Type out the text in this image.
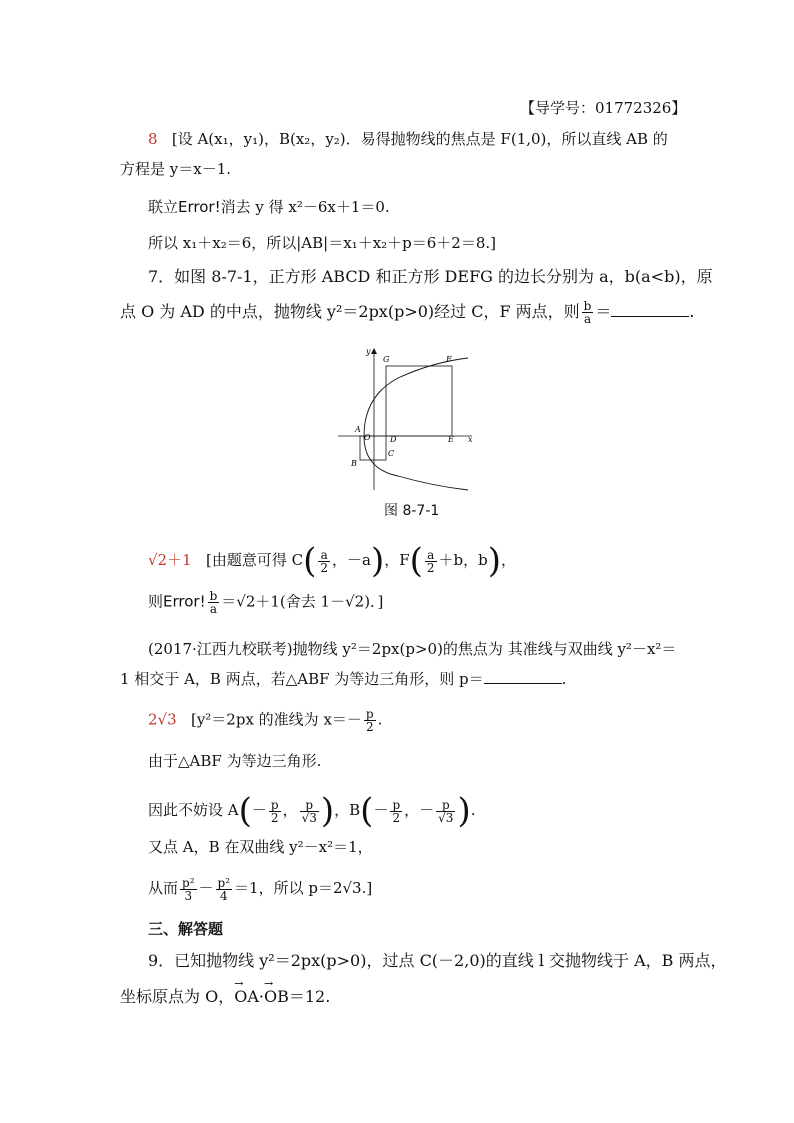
【导学号：01772326】
8 [设 A(x₁，y₁)，B(x₂，y₂)．易得抛物线的焦点是 F(1,0)，所以直线 AB 的
方程是 y＝x－1.
联立Error!消去 y 得 x²－6x＋1＝0.
所以 x₁＋x₂＝6，所以|AB|＝x₁＋x₂＋p＝6＋2＝8.]
7．如图 8-7-1，正方形 ABCD 和正方形 DEFG 的边长分别为 a，b(a<b)，原
点 O 为 AD 的中点，抛物线 y²＝2px(p>0)经过 C，F 两点，则 $\frac{b}{a}$ ＝	.
y
x
G	F
A
O D	E
B
C
图 8-7-1
√2＋1 [由题意可得 $C( \frac{a}{2}$ ，－a)，$F( \frac{a}{2} +b$，b)，
则Error! $\frac{b}{a} =√2+1$(舍去 1－√2)．]
(2017·江西九校联考)抛物线 y²＝2px(p>0)的焦点为 其准线与双曲线 y²－x²＝
1 相交于 A，B 两点，若△ABF 为等边三角形，则 p＝	.
2√3 [y²＝2px 的准线为 $x=- \frac{p}{2}$ .
由于△ABF 为等边三角形.
因此不妨设 $A(- \frac{p}{2}$ ， $\frac{p}{√3}$ )，$B(- \frac{p}{2}$ ，－ $\frac{p}{√3}$ ).
又点 A，B 在双曲线 y²－x²＝1，
从而 $\frac{\text{p²}}{3} - \frac{\text{p²}}{4} =1$，所以 p＝2√3.]
三、解答题
9．已知抛物线 y²＝2px(p>0)，过点 C(－2,0)的直线 l 交抛物线于 A，B 两点，
坐标原点为 O，→ OA·→ OB＝12.
